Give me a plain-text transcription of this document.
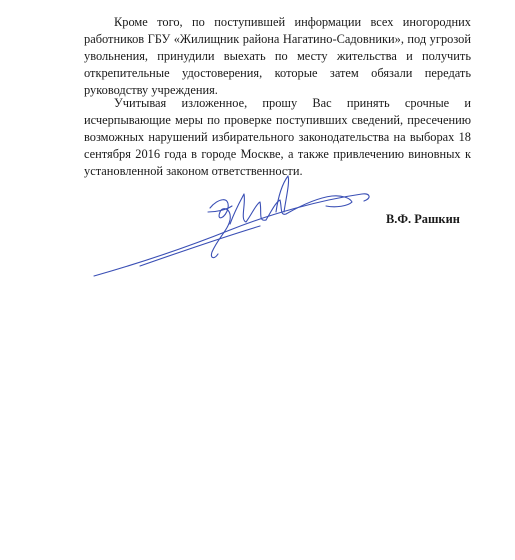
Кроме того, по поступившей информации всех иногородних работников ГБУ «Жилищник района Нагатино-Садовники», под угрозой увольнения, принудили выехать по месту жительства и получить открепительные удостоверения, которые затем обязали передать руководству учреждения.

Учитывая изложенное, прошу Вас принять срочные и исчерпывающие меры по проверке поступивших сведений, пресечению возможных нарушений избирательного законодательства на выборах 18 сентября 2016 года в городе Москве, а также привлечению виновных к установленной законом ответственности.

В.Ф. Рашкин
